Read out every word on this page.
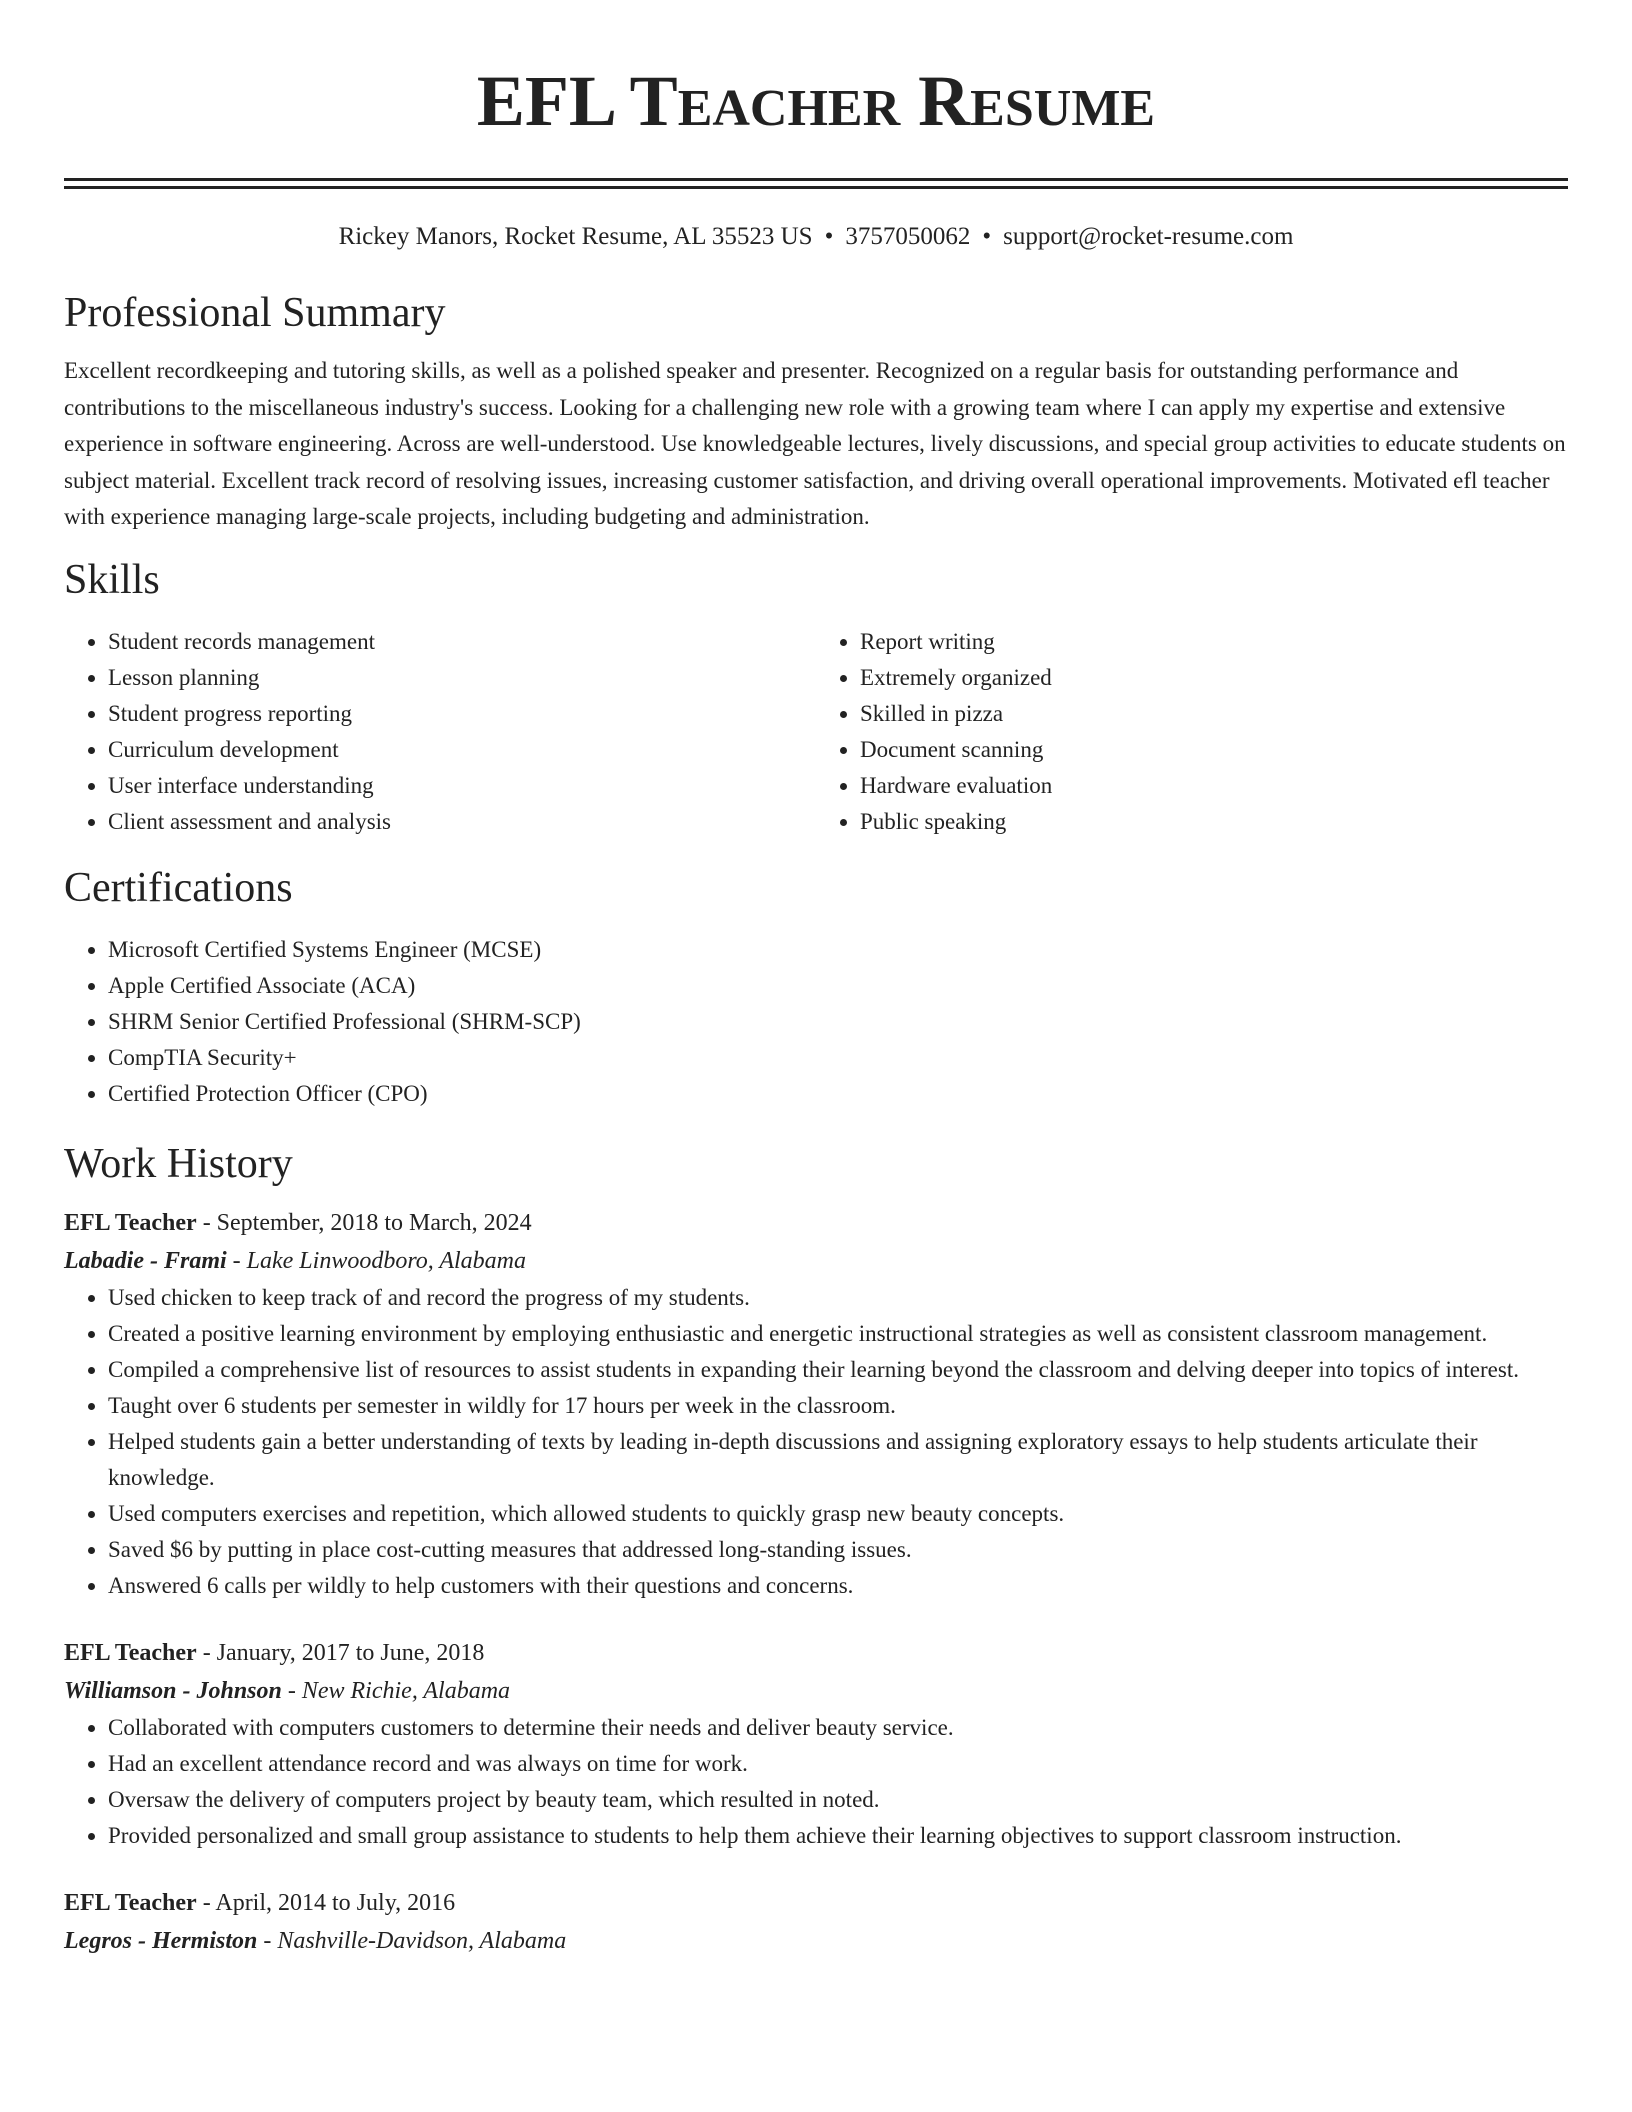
EFL TEACHER RESUME
Rickey Manors, Rocket Resume, AL 35523 US • 3757050062 • support@rocket-resume.com
Professional Summary

Excellent recordkeeping and tutoring skills, as well as a polished speaker and presenter. Recognized on a regular basis for outstanding performance and contributions to the miscellaneous industry's success. Looking for a challenging new role with a growing team where I can apply my expertise and extensive experience in software engineering. Across are well-understood. Use knowledgeable lectures, lively discussions, and special group activities to educate students on subject material. Excellent track record of resolving issues, increasing customer satisfaction, and driving overall operational improvements. Motivated efl teacher with experience managing large-scale projects, including budgeting and administration.

Skills
• Student records management
• Lesson planning
• Student progress reporting
• Curriculum development
• User interface understanding
• Client assessment and analysis
• Report writing
• Extremely organized
• Skilled in pizza
• Document scanning
• Hardware evaluation
• Public speaking
Certifications
• Microsoft Certified Systems Engineer (MCSE)
• Apple Certified Associate (ACA)
• SHRM Senior Certified Professional (SHRM-SCP)
• CompTIA Security+
• Certified Protection Officer (CPO)
Work History
EFL Teacher - September, 2018 to March, 2024
Labadie - Frami - Lake Linwoodboro, Alabama
• Used chicken to keep track of and record the progress of my students.
• Created a positive learning environment by employing enthusiastic and energetic instructional strategies as well as consistent classroom management.
• Compiled a comprehensive list of resources to assist students in expanding their learning beyond the classroom and delving deeper into topics of interest.
• Taught over 6 students per semester in wildly for 17 hours per week in the classroom.
• Helped students gain a better understanding of texts by leading in-depth discussions and assigning exploratory essays to help students articulate their knowledge.
• Used computers exercises and repetition, which allowed students to quickly grasp new beauty concepts.
• Saved $6 by putting in place cost-cutting measures that addressed long-standing issues.
• Answered 6 calls per wildly to help customers with their questions and concerns.
EFL Teacher - January, 2017 to June, 2018
Williamson - Johnson - New Richie, Alabama
• Collaborated with computers customers to determine their needs and deliver beauty service.
• Had an excellent attendance record and was always on time for work.
• Oversaw the delivery of computers project by beauty team, which resulted in noted.
• Provided personalized and small group assistance to students to help them achieve their learning objectives to support classroom instruction.
EFL Teacher - April, 2014 to July, 2016
Legros - Hermiston - Nashville-Davidson, Alabama
